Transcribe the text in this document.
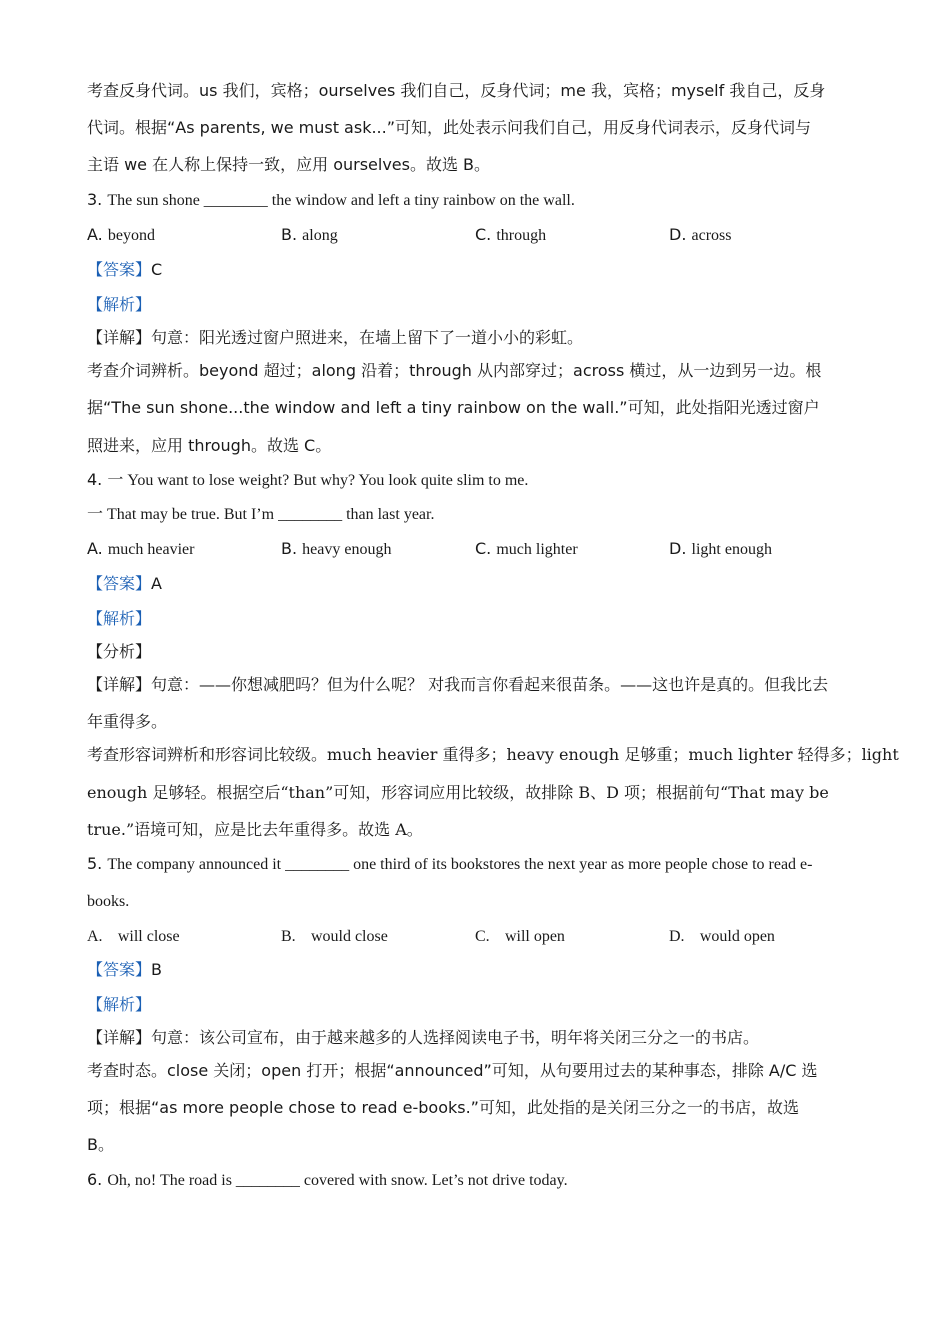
考查反身代词。us 我们，宾格；ourselves 我们自己，反身代词；me 我，宾格；myself 我自己，反身
代词。根据“As parents, we must ask...”可知，此处表示问我们自己，用反身代词表示，反身代词与
主语 we 在人称上保持一致，应用 ourselves。故选 B。
3. The sun shone ________ the window and left a tiny rainbow on the wall.
A. beyond	B. along	C. through	D. across
【答案】C
【解析】
【详解】句意：阳光透过窗户照进来，在墙上留下了一道小小的彩虹。
考查介词辨析。beyond 超过；along 沿着；through 从内部穿过；across 横过，从一边到另一边。根
据“The sun shone...the window and left a tiny rainbow on the wall.”可知，此处指阳光透过窗户
照进来，应用 through。故选 C。
4. 一 You want to lose weight? But why? You look quite slim to me.
一 That may be true. But I’m ________ than last year.
A. much heavier	B. heavy enough	C. much lighter	D. light enough
【答案】A
【解析】
【分析】
【详解】句意：——你想减肥吗？但为什么呢？ 对我而言你看起来很苗条。——这也许是真的。但我比去
年重得多。
考查形容词辨析和形容词比较级。much heavier 重得多；heavy enough 足够重；much lighter 轻得多；light
enough 足够轻。根据空后“than”可知，形容词应用比较级，故排除 B、D 项；根据前句“That may be
true.”语境可知，应是比去年重得多。故选 A。
5. The company announced it ________ one third of its bookstores the next year as more people chose to read e-
books.
A. will close	B. would close	C. will open	D. would open
【答案】B
【解析】
【详解】句意：该公司宣布，由于越来越多的人选择阅读电子书，明年将关闭三分之一的书店。
考查时态。close 关闭；open 打开；根据“announced”可知，从句要用过去的某种事态，排除 A/C 选
项；根据“as more people chose to read e-books.”可知，此处指的是关闭三分之一的书店，故选
B。
6. Oh, no! The road is ________ covered with snow. Let’s not drive today.
